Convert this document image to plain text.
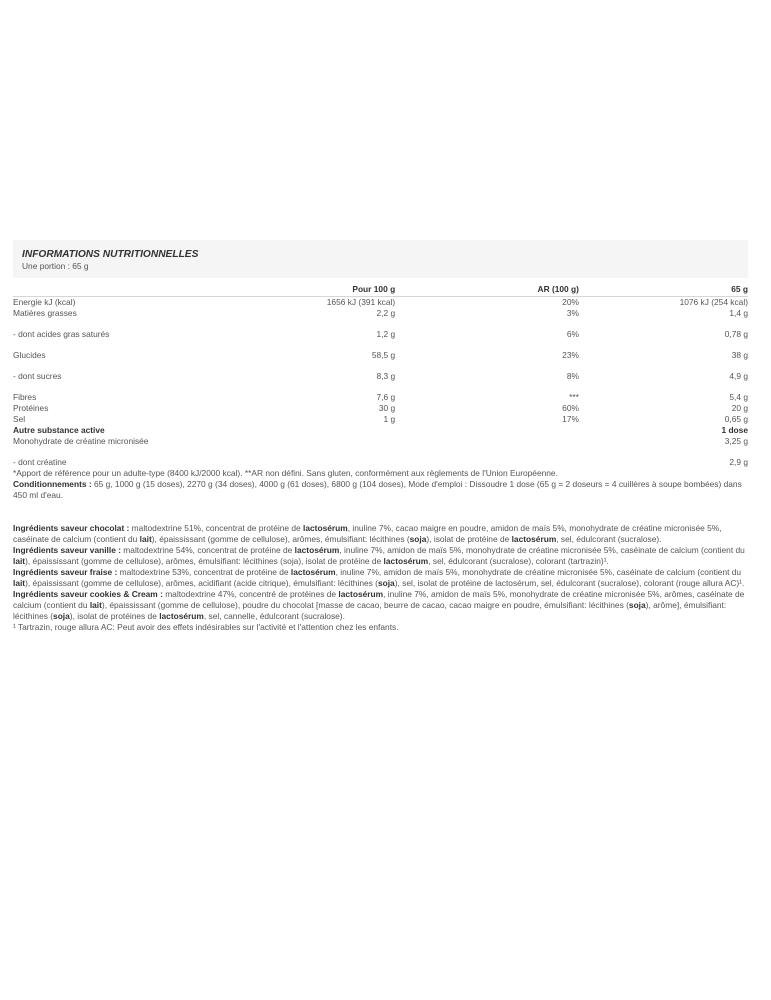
INFORMATIONS NUTRITIONNELLES
Une portion : 65 g
	Pour 100 g	AR (100 g)	65 g
Energie kJ (kcal)	1656 kJ (391 kcal)	20%	1076 kJ (254 kcal)
Matières grasses	2,2 g	3%	1,4 g
- dont acides gras saturés	1,2 g	6%	0,78 g
Glucides	58,5 g	23%	38 g
- dont sucres	8,3 g	8%	4,9 g
Fibres	7,6 g	***	5,4 g
Protéines	30 g	60%	20 g
Sel	1 g	17%	0,65 g
Autre substance active			1 dose
Monohydrate de créatine micronisée			3,25 g
- dont créatine			2,9 g

*Apport de référence pour un adulte-type (8400 kJ/2000 kcal). **AR non défini. Sans gluten, conformément aux règlements de l'Union Européenne.

Conditionnements : 65 g, 1000 g (15 doses), 2270 g (34 doses), 4000 g (61 doses), 6800 g (104 doses), Mode d'emploi : Dissoudre 1 dose (65 g = 2 doseurs = 4 cuillères à soupe bombées) dans 450 ml d'eau.

Ingrédients saveur chocolat : maltodextrine 51%, concentrat de protéine de lactosérum, inuline 7%, cacao maigre en poudre, amidon de maïs 5%, monohydrate de créatine micronisée 5%, caséinate de calcium (contient du lait), épaississant (gomme de cellulose), arômes, émulsifiant: lécithines (soja), isolat de protéine de lactosérum, sel, édulcorant (sucralose).

Ingrédients saveur vanille : maltodextrine 54%, concentrat de protéine de lactosérum, inuline 7%, amidon de maïs 5%, monohydrate de créatine micronisée 5%, caséinate de calcium (contient du lait), épaississant (gomme de cellulose), arômes, émulsifiant: lécithines (soja), isolat de protéine de lactosérum, sel, édulcorant (sucralose), colorant (tartrazin)¹.

Ingrédients saveur fraise : maltodextrine 53%, concentrat de protéine de lactosérum, inuline 7%, amidon de maïs 5%, monohydrate de créatine micronisée 5%, caséinate de calcium (contient du lait), épaississant (gomme de cellulose), arômes, acidifiant (acide citrique), émulsifiant: lécithines (soja), sel, isolat de protéine de lactosérum, sel, édulcorant (sucralose), colorant (rouge allura AC)¹.

Ingrédients saveur cookies & Cream : maltodextrine 47%, concentré de protéines de lactosérum, inuline 7%, amidon de maïs 5%, monohydrate de créatine micronisée 5%, arômes, caséinate de calcium (contient du lait), épaississant (gomme de cellulose), poudre du chocolat [masse de cacao, beurre de cacao, cacao maigre en poudre, émulsifiant: lécithines (soja), arôme], émulsifiant: lécithines (soja), isolat de protéines de lactosérum, sel, cannelle, édulcorant (sucralose).

¹ Tartrazin, rouge allura AC: Peut avoir des effets indésirables sur l'activité et l'attention chez les enfants.
